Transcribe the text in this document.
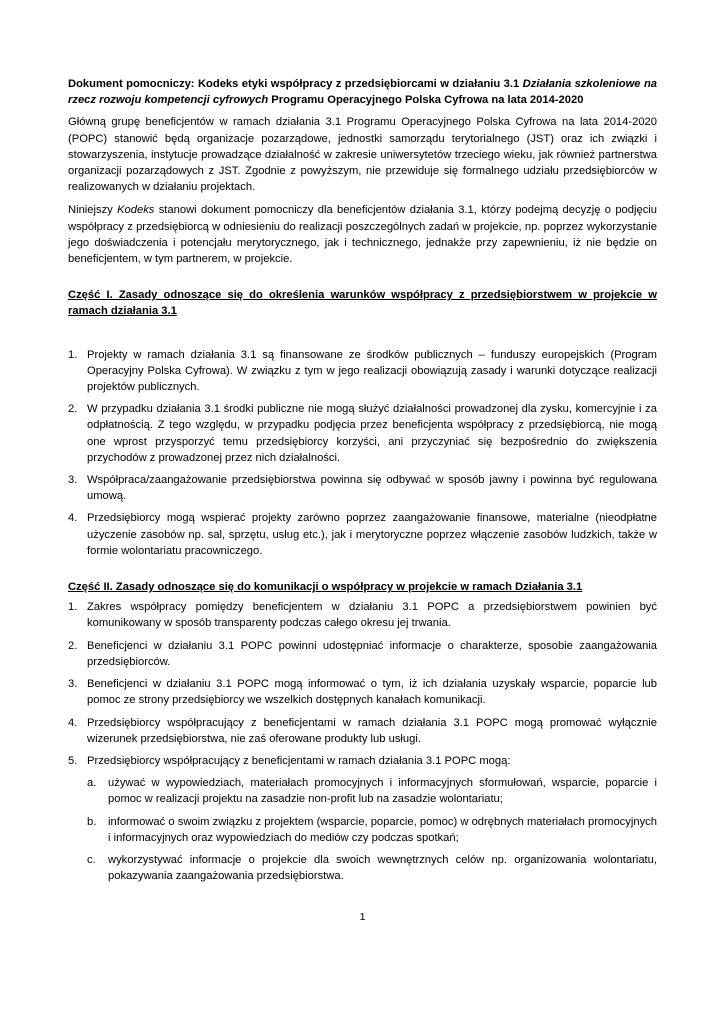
Dokument pomocniczy: Kodeks etyki współpracy z przedsiębiorcami w działaniu 3.1 Działania szkoleniowe na rzecz rozwoju kompetencji cyfrowych Programu Operacyjnego Polska Cyfrowa na lata 2014-2020

Główną grupę beneficjentów w ramach działania 3.1 Programu Operacyjnego Polska Cyfrowa na lata 2014-2020 (POPC) stanowić będą organizacje pozarządowe, jednostki samorządu terytorialnego (JST) oraz ich związki i stowarzyszenia, instytucje prowadzące działalność w zakresie uniwersytetów trzeciego wieku, jak również partnerstwa organizacji pozarządowych z JST. Zgodnie z powyższym, nie przewiduje się formalnego udziału przedsiębiorców w realizowanych w działaniu projektach.

Niniejszy Kodeks stanowi dokument pomocniczy dla beneficjentów działania 3.1, którzy podejmą decyzję o podjęciu współpracy z przedsiębiorcą w odniesieniu do realizacji poszczególnych zadań w projekcie, np. poprzez wykorzystanie jego doświadczenia i potencjału merytorycznego, jak i technicznego, jednakże przy zapewnieniu, iż nie będzie on beneficjentem, w tym partnerem, w projekcie.

Część I. Zasady odnoszące się do określenia warunków współpracy z przedsiębiorstwem w projekcie w ramach działania 3.1

1. Projekty w ramach działania 3.1 są finansowane ze środków publicznych – funduszy europejskich (Program Operacyjny Polska Cyfrowa). W związku z tym w jego realizacji obowiązują zasady i warunki dotyczące realizacji projektów publicznych.
2. W przypadku działania 3.1 środki publiczne nie mogą służyć działalności prowadzonej dla zysku, komercyjnie i za odpłatnością. Z tego względu, w przypadku podjęcia przez beneficjenta współpracy z przedsiębiorcą, nie mogą one wprost przysporzyć temu przedsiębiorcy korzyści, ani przyczyniać się bezpośrednio do zwiększenia przychodów z prowadzonej przez nich działalności.
3. Współpraca/zaangażowanie przedsiębiorstwa powinna się odbywać w sposób jawny i powinna być regulowana umową.
4. Przedsiębiorcy mogą wspierać projekty zarówno poprzez zaangażowanie finansowe, materialne (nieodpłatne użyczenie zasobów np. sal, sprzętu, usług etc.), jak i merytoryczne poprzez włączenie zasobów ludzkich, także w formie wolontariatu pracowniczego.

Część II. Zasady odnoszące się do komunikacji o współpracy w projekcie w ramach Działania 3.1

1. Zakres współpracy pomiędzy beneficjentem w działaniu 3.1 POPC a przedsiębiorstwem powinien być komunikowany w sposób transparenty podczas całego okresu jej trwania.
2. Beneficjenci w działaniu 3.1 POPC powinni udostępniać informacje o charakterze, sposobie zaangażowania przedsiębiorców.
3. Beneficjenci w działaniu 3.1 POPC mogą informować o tym, iż ich działania uzyskały wsparcie, poparcie lub pomoc ze strony przedsiębiorcy we wszelkich dostępnych kanałach komunikacji.
4. Przedsiębiorcy współpracujący z beneficjentami w ramach działania 3.1 POPC mogą promować wyłącznie wizerunek przedsiębiorstwa, nie zaś oferowane produkty lub usługi.
5. Przedsiębiorcy współpracujący z beneficjentami w ramach działania 3.1 POPC mogą:
a. używać w wypowiedziach, materiałach promocyjnych i informacyjnych sformułowań, wsparcie, poparcie i pomoc w realizacji projektu na zasadzie non-profit lub na zasadzie wolontariatu;
b. informować o swoim związku z projektem (wsparcie, poparcie, pomoc) w odrębnych materiałach promocyjnych i informacyjnych oraz wypowiedziach do mediów czy podczas spotkań;
c. wykorzystywać informacje o projekcie dla swoich wewnętrznych celów np. organizowania wolontariatu, pokazywania zaangażowania przedsiębiorstwa.
1
